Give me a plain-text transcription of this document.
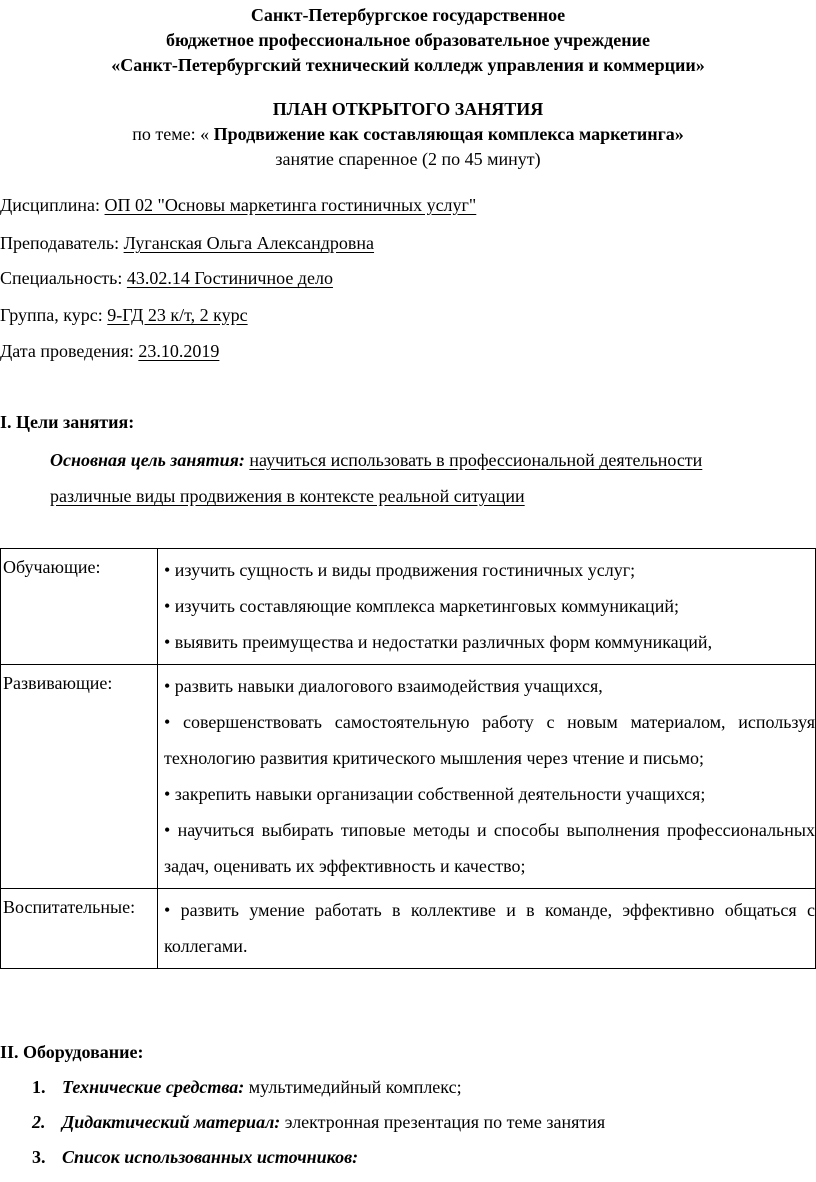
Санкт-Петербургское государственное
бюджетное профессиональное образовательное учреждение
«Санкт-Петербургский технический колледж управления и коммерции»
ПЛАН ОТКРЫТОГО ЗАНЯТИЯ
по теме: « Продвижение как составляющая комплекса маркетинга»
занятие спаренное (2 по 45 минут)
Дисциплина: ОП 02 "Основы маркетинга гостиничных услуг"
Преподаватель: Луганская Ольга Александровна
Специальность: 43.02.14 Гостиничное дело
Группа, курс: 9-ГД 23 к/т, 2 курс
Дата проведения: 23.10.2019
I. Цели занятия:
Основная цель занятия: научиться использовать в профессиональной деятельности
различные виды продвижения в контексте реальной ситуации
Обучающие:	• изучить сущность и виды продвижения гостиничных услуг;
• изучить составляющие комплекса маркетинговых коммуникаций;
• выявить преимущества и недостатки различных форм коммуникаций,

Развивающие:	• развить навыки диалогового взаимодействия учащихся,
• совершенствовать самостоятельную работу с новым материалом, используя технологию развития критического мышления через чтение и письмо;
• закрепить навыки организации собственной деятельности учащихся;
• научиться выбирать типовые методы и способы выполнения профессиональных задач, оценивать их эффективность и качество;

Воспитательные:	• развить умение работать в коллективе и в команде, эффективно общаться с коллегами.
II. Оборудование:
1. Технические средства: мультимедийный комплекс;
2. Дидактический материал: электронная презентация по теме занятия
3. Список использованных источников:
